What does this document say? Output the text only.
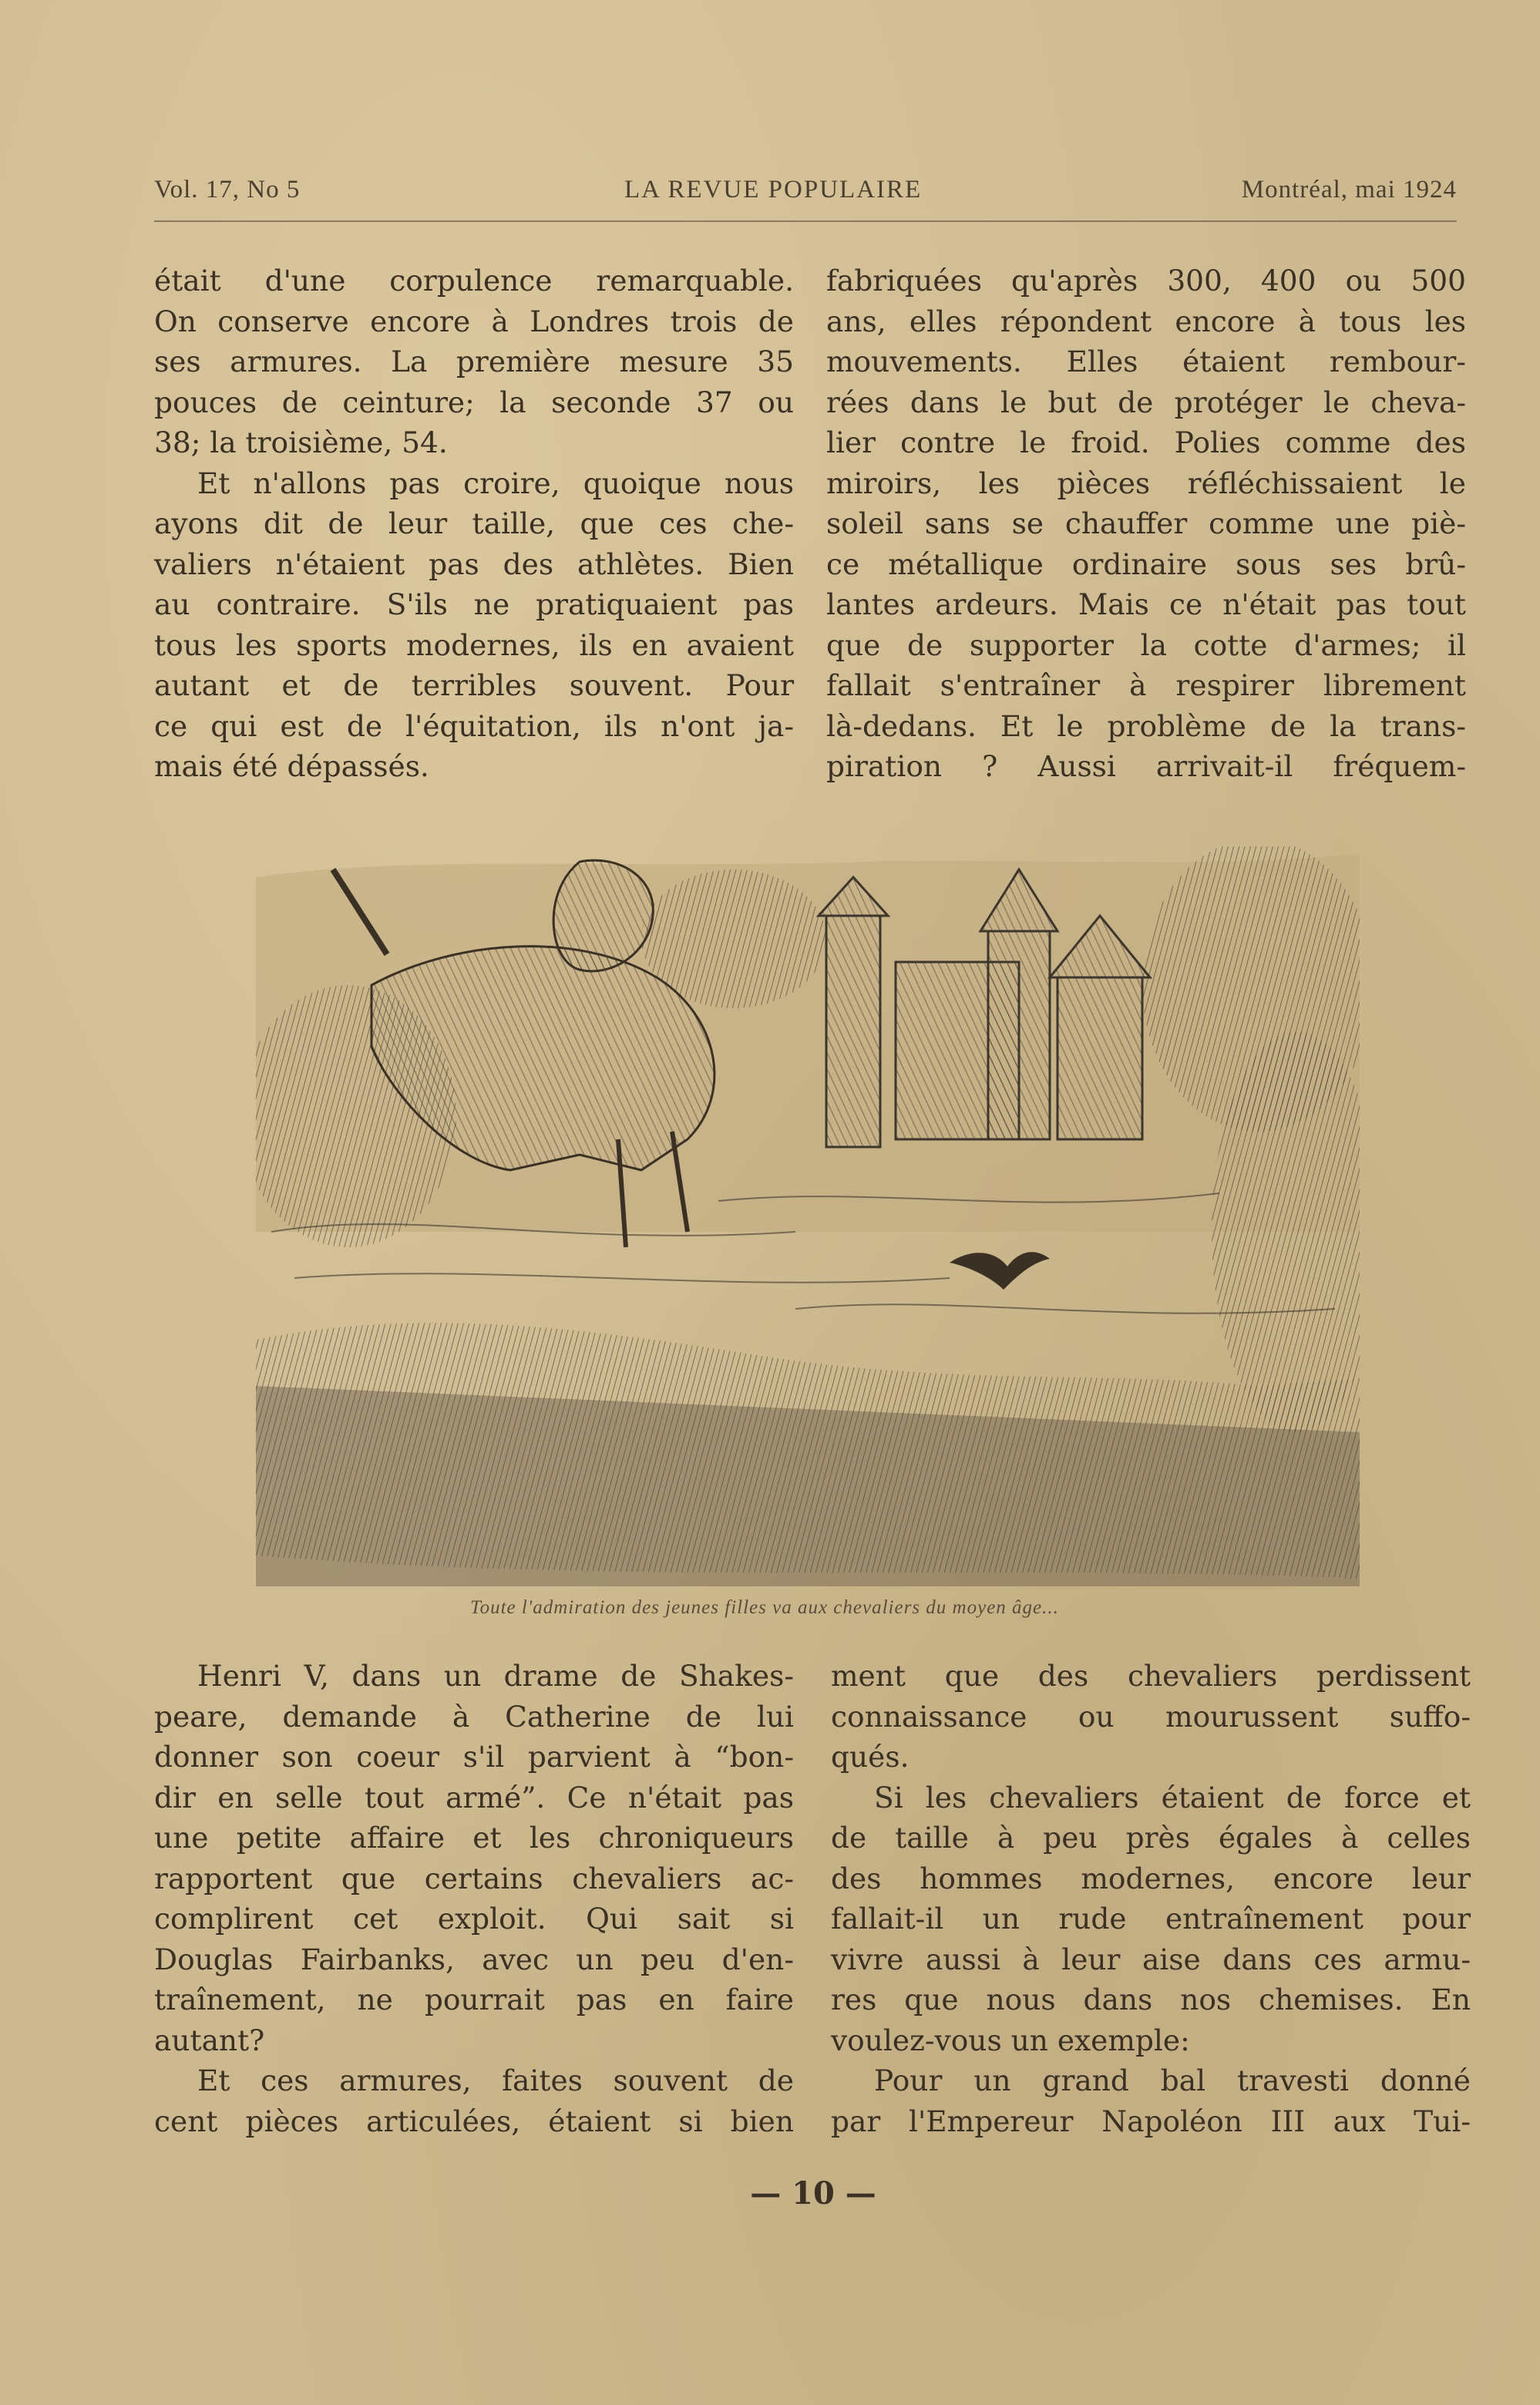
Vol. 17, No 5	LA REVUE POPULAIRE	Montréal, mai 1924
était d'une corpulence remarquable.
On conserve encore à Londres trois de
ses armures. La première mesure 35
pouces de ceinture; la seconde 37 ou
38; la troisième, 54.
Et n'allons pas croire, quoique nous
ayons dit de leur taille, que ces che-
valiers n'étaient pas des athlètes. Bien
au contraire. S'ils ne pratiquaient pas
tous les sports modernes, ils en avaient
autant et de terribles souvent. Pour
ce qui est de l'équitation, ils n'ont ja-
mais été dépassés.
fabriquées qu'après 300, 400 ou 500
ans, elles répondent encore à tous les
mouvements. Elles étaient rembour-
rées dans le but de protéger le cheva-
lier contre le froid. Polies comme des
miroirs, les pièces réfléchissaient le
soleil sans se chauffer comme une piè-
ce métallique ordinaire sous ses brû-
lantes ardeurs. Mais ce n'était pas tout
que de supporter la cotte d'armes; il
fallait s'entraîner à respirer librement
là-dedans. Et le problème de la trans-
piration ? Aussi arrivait-il fréquem-
Toute l'admiration des jeunes filles va aux chevaliers du moyen âge...
Henri V, dans un drame de Shakes-
peare, demande à Catherine de lui
donner son coeur s'il parvient à “bon-
dir en selle tout armé”. Ce n'était pas
une petite affaire et les chroniqueurs
rapportent que certains chevaliers ac-
complirent cet exploit. Qui sait si
Douglas Fairbanks, avec un peu d'en-
traînement, ne pourrait pas en faire
autant?
Et ces armures, faites souvent de
cent pièces articulées, étaient si bien
ment que des chevaliers perdissent
connaissance ou mourussent suffo-
qués.
Si les chevaliers étaient de force et
de taille à peu près égales à celles
des hommes modernes, encore leur
fallait-il un rude entraînement pour
vivre aussi à leur aise dans ces armu-
res que nous dans nos chemises. En
voulez-vous un exemple:
Pour un grand bal travesti donné
par l'Empereur Napoléon III aux Tui-
— 10 —
